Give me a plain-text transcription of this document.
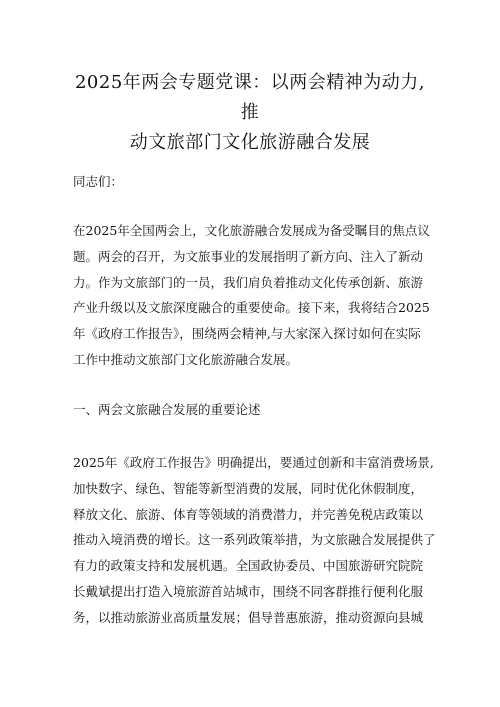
2025年两会专题党课：以两会精神为动力,推
动文旅部门文化旅游融合发展

同志们：

在2025年全国两会上，文化旅游融合发展成为备受瞩目的焦点议
题。两会的召开，为文旅事业的发展指明了新方向、注入了新动
力。作为文旅部门的一员，我们肩负着推动文化传承创新、旅游
产业升级以及文旅深度融合的重要使命。接下来，我将结合2025
年《政府工作报告》，围绕两会精神,与大家深入探讨如何在实际
工作中推动文旅部门文化旅游融合发展。

一、两会文旅融合发展的重要论述

2025年《政府工作报告》明确提出，要通过创新和丰富消费场景,
加快数字、绿色、智能等新型消费的发展，同时优化休假制度，
释放文化、旅游、体育等领域的消费潜力，并完善免税店政策以
推动入境消费的增长。这一系列政策举措，为文旅融合发展提供了
有力的政策支持和发展机遇。全国政协委员、中国旅游研究院院
长戴斌提出打造入境旅游首站城市，围绕不同客群推行便利化服
务，以推动旅游业高质量发展；倡导普惠旅游，推动资源向县城
